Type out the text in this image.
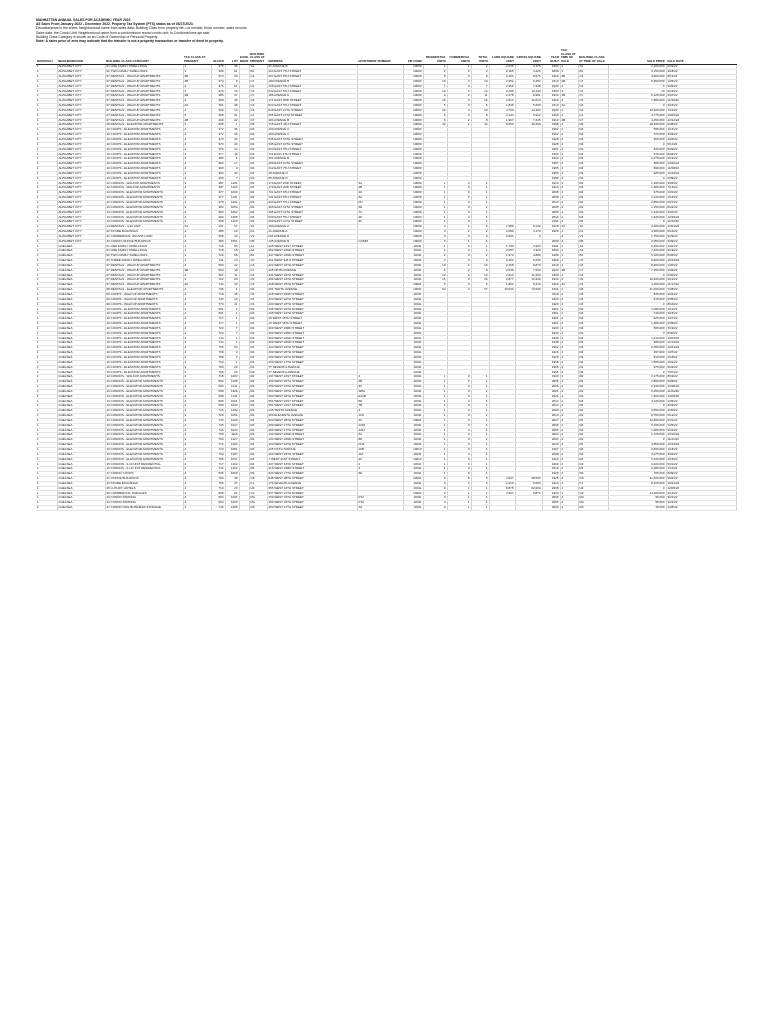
MANHATTAN ANNUAL SALES FOR ACADEMIC YEAR 2022
All Sales From January 2022 - December 2022. Property Tax System (PTS) status as of 03/27/2023.
Decades/years in the sheet; Neighborhood name from sales data; Building Class from property file; Lot number, block number, sales records.
Sales data: the Condo Unit; Neighborhood name from a condominium record condo unit; In-Condominiums apt sale.
Building Class Category is shown as an Code of Ownership of Personal Property.
Note: A sales price of zero may indicate that the transfer is not a property transaction or transfer of deed to property.
BOROUGH	NEIGHBORHOOD	BUILDING CLASS CATEGORY	TAX CLASS AT PRESENT	BLOCK	LOT	EASE-MENT	BUILDING CLASS AT PRESENT	ADDRESS	APARTMENT NUMBER	ZIP CODE	RESIDENTIAL UNITS	COMMERCIAL UNITS	TOTAL UNITS	LAND SQUARE FEET	GROSS SQUARE FEET	YEAR BUILT	TAX CLASS AT TIME OF SALE	BUILDING CLASS AT TIME OF SALE	SALE PRICE	SALE DATE
1	ALPHABET CITY	01 ONE FAMILY DWELLINGS	1	376	36		S1	91 AVENUE B		10009	1	1	2	2,036	3,475	1900	1	S1	2,400,000	6/22/22
1	ALPHABET CITY	02 TWO FAMILY DWELLINGS	1	390	61		B1	223 EAST 7TH STREET		10009	2	0	2	2,165	4,420	1899	1	B1	3,150,000	3/18/22
1	ALPHABET CITY	07 RENTALS - WALKUP APARTMENTS	2B	373	20		C4	627 EAST 9TH STREET		10009	8	0	8	2,194	8,675	1920	2B	C4	4,600,000	8/11/22
1	ALPHABET CITY	07 RENTALS - WALKUP APARTMENTS	2B	374	9		C7	183 AVENUE B		10009	10	3	13	2,352	9,452	1910	2B	C7	6,950,000	1/25/22
1	ALPHABET CITY	07 RENTALS - WALKUP APARTMENTS	2	376	61		C2	726 EAST 9TH STREET		10009	7	0	7	2,369	7,338	1900	2	C2	0	5/02/22
1	ALPHABET CITY	07 RENTALS - WALKUP APARTMENTS	2	379	16		C4	642 EAST 5TH STREET		10009	12	0	12	2,495	10,440	1900	2	C4	10	9/14/22
1	ALPHABET CITY	07 RENTALS - WALKUP APARTMENTS	2B	385	37		C7	186 AVENUE A		10009	9	2	11	2,278	8,981	1910	2B	C7	5,125,000	4/07/22
1	ALPHABET CITY	07 RENTALS - WALKUP APARTMENTS	2	389	46		C6	171 EAST 3RD STREET		10009	16	0	16	2,513	12,010	1920	2	C6	7,980,000	11/30/22
1	ALPHABET CITY	07 RENTALS - WALKUP APARTMENTS	2A	391	28		C3	522 EAST 6TH STREET		10009	5	0	5	1,845	5,600	1910	2A	C3	0	2/16/22
1	ALPHABET CITY	07 RENTALS - WALKUP APARTMENTS	2	392	14		C4	519 EAST 12TH STREET		10009	20	0	20	2,730	14,400	1900	2	C4	12,500,000	7/21/22
1	ALPHABET CITY	07 RENTALS - WALKUP APARTMENTS	2	398	31		C1	605 EAST 11TH STREET		10009	8	0	8	2,144	6,912	1930	2	C1	3,775,000	10/05/22
1	ALPHABET CITY	07 RENTALS - WALKUP APARTMENTS	2B	400	22		C7	204 AVENUE B		10009	6	2	8	1,907	7,245	1910	2B	C7	4,250,000	12/12/22
1	ALPHABET CITY	08 RENTALS - ELEVATOR APARTMENTS	2	405	1		D6	715 EAST 4TH STREET		10009	42	2	44	8,650	46,200	1988	2	D6	18,400,000	6/08/22
1	ALPHABET CITY	10 COOPS - ELEVATOR APARTMENTS	2	372	36		D4	100 AVENUE C		10009						1962	2	D4	595,000	1/14/22
1	ALPHABET CITY	10 COOPS - ELEVATOR APARTMENTS	2	372	36		D4	100 AVENUE C		10009						1962	2	D4	720,000	3/03/22
1	ALPHABET CITY	10 COOPS - ELEVATOR APARTMENTS	2	373	44		D4	535 EAST 10TH STREET		10009						1928	2	D4	450,000	4/22/22
1	ALPHABET CITY	10 COOPS - ELEVATOR APARTMENTS	2	373	44		D4	535 EAST 10TH STREET		10009						1928	2	D4	0	5/11/22
1	ALPHABET CITY	10 COOPS - ELEVATOR APARTMENTS	2	376	12		D4	623 EAST 9TH STREET		10009						1961	2	D4	830,000	6/29/22
1	ALPHABET CITY	10 COOPS - ELEVATOR APARTMENTS	2	377	40		D4	711 EAST 4TH STREET		10009						1960	2	D4	615,000	8/02/22
1	ALPHABET CITY	10 COOPS - ELEVATOR APARTMENTS	2	380	1		D4	151 AVENUE B		10009						1923	2	D4	1,075,000	9/19/22
1	ALPHABET CITY	10 COOPS - ELEVATOR APARTMENTS	2	384	17		D4	400 EAST 10TH STREET		10009						1957	2	D4	389,000	10/26/22
1	ALPHABET CITY	10 COOPS - ELEVATOR APARTMENTS	2	390	9		D4	212 EAST 7TH STREET		10009						1965	2	D4	699,000	11/08/22
1	ALPHABET CITY	10 COOPS - ELEVATOR APARTMENTS	2	394	33		D4	28 AVENUE D		10009						1959	2	D4	525,000	12/16/22
1	ALPHABET CITY	10 COOPS - ELEVATOR APARTMENTS	2	396	7		D4	80 AVENUE D		10009						1959	2	D4	0	2/09/22
1	ALPHABET CITY	12 CONDOS - WALKUP APARTMENTS	2	387	1101		R2	170 EAST 2ND STREET	3A	10009	1	0	1			1910	2	R2	1,295,000	3/25/22
1	ALPHABET CITY	12 CONDOS - WALKUP APARTMENTS	2	387	1104		R2	170 EAST 2ND STREET	4B	10009	1	0	1			1910	2	R2	1,480,000	7/13/22
1	ALPHABET CITY	13 CONDOS - ELEVATOR APARTMENTS	2	377	1003		R4	721 EAST 6TH STREET	2C	10009	1	0	1			2008	2	R4	975,000	1/31/22
1	ALPHABET CITY	13 CONDOS - ELEVATOR APARTMENTS	2	377	1011		R4	721 EAST 6TH STREET	5A	10009	1	0	1			2008	2	R4	1,410,000	4/14/22
1	ALPHABET CITY	13 CONDOS - ELEVATOR APARTMENTS	2	379	1201		R4	643 EAST 5TH STREET	PH	10009	1	0	1			2014	2	R4	2,850,000	5/27/22
1	ALPHABET CITY	13 CONDOS - ELEVATOR APARTMENTS	2	383	1054		R4	395 EAST 12TH STREET	6E	10009	1	0	1			2005	2	R4	1,150,000	8/24/22
1	ALPHABET CITY	13 CONDOS - ELEVATOR APARTMENTS	2	383	1062		R4	395 EAST 12TH STREET	7C	10009	1	0	1			2005	2	R4	1,340,000	9/07/22
1	ALPHABET CITY	13 CONDOS - ELEVATOR APARTMENTS	2	392	1305		R4	530 EAST 5TH STREET	4D	10009	1	0	1			2016	2	R4	1,625,000	10/19/22
1	ALPHABET CITY	13 CONDOS - ELEVATOR APARTMENTS	2	398	1120		R4	600 EAST 11TH STREET	3F	10009	1	0	1			2011	2	R4	0	11/22/22
1	ALPHABET CITY	14 RENTALS - 4-10 UNIT	2A	401	57		S4	190 AVENUE C		10009	4	1	5	1,980	5,240	1915	2A	S4	3,200,000	12/01/22
1	ALPHABET CITY	22 STORE BUILDINGS	4	385	20		K4	41 AVENUE A		10009	0	2	2	2,089	4,170	1920	4	K4	4,900,000	6/16/22
1	ALPHABET CITY	31 COMMERCIAL VACANT LAND	4	395	42		V1	N/A AVENUE D		10009	0	0	0	2,504	0		4	V1	1,750,000	9/29/22
1	ALPHABET CITY	43 CONDO OFFICE BUILDINGS	4	380	1501		R5	145 AVENUE B	COMM	10009	0	1	1			2009	4	R5	2,050,000	3/09/22
1	CHELSEA	01 ONE FAMILY DWELLINGS	1	716	50		A4	425 WEST 21ST STREET		10011	1	0	1	1,780	3,900	1901	1	A4	6,250,000	2/02/22
1	CHELSEA	01 ONE FAMILY DWELLINGS	1	718	18		A4	452 WEST 22ND STREET		10011	1	0	1	2,057	4,320	1899	1	A4	7,400,000	5/19/22
1	CHELSEA	02 TWO FAMILY DWELLINGS	1	720	58		B1	347 WEST 22ND STREET		10011	2	0	2	1,974	4,880	1900	1	B1	5,100,000	8/05/22
1	CHELSEA	03 THREE FAMILY DWELLINGS	1	741	13		C0	411 WEST 24TH STREET		10011	3	0	3	2,262	5,630	1900	1	C0	6,600,000	10/14/22
1	CHELSEA	07 RENTALS - WALKUP APARTMENTS	2	690	22		C4	223 WEST 16TH STREET		10011	10	0	10	2,468	9,870	1910	2	C4	8,900,000	1/20/22
1	CHELSEA	07 RENTALS - WALKUP APARTMENTS	2B	693	40		C7	125 NINTH AVENUE		10011	6	2	8	2,036	7,510	1920	2B	C7	7,250,000	4/06/22
1	CHELSEA	07 RENTALS - WALKUP APARTMENTS	2	697	11		C4	341 WEST 19TH STREET		10011	12	0	12	2,513	11,200	1900	2	C4	0	6/30/22
1	CHELSEA	07 RENTALS - WALKUP APARTMENTS	2	722	29		C6	460 WEST 24TH STREET		10011	16	0	16	2,877	13,940	1910	2	C6	10,400,000	9/12/22
1	CHELSEA	07 RENTALS - WALKUP APARTMENTS	2A	744	33		C3	418 WEST 25TH STREET		10001	5	0	5	1,862	5,210	1920	2A	C3	4,150,000	11/17/22
1	CHELSEA	08 RENTALS - ELEVATOR APARTMENTS	2	746	1		D6	201 TENTH AVENUE		10001	64	3	67	10,040	72,500	1931	2	D6	41,000,000	7/28/22
1	CHELSEA	09 COOPS - WALKUP APARTMENTS	2	718	45		C6	418 WEST 22ND STREET		10011						1910	2	C6	845,000	2/24/22
1	CHELSEA	09 COOPS - WALKUP APARTMENTS	2	742	10		C6	324 WEST 24TH STREET		10011						1900	2	C6	615,000	5/05/22
1	CHELSEA	09 COOPS - WALKUP APARTMENTS	2	770	41		C6	224 WEST 15TH STREET		10011						1920	2	C6	0	8/16/22
1	CHELSEA	10 COOPS - ELEVATOR APARTMENTS	2	691	1		D4	435 WEST 19TH STREET		10011						1961	2	D4	1,095,000	1/11/22
1	CHELSEA	10 COOPS - ELEVATOR APARTMENTS	2	691	1		D4	435 WEST 19TH STREET		10011						1961	2	D4	749,000	3/15/22
1	CHELSEA	10 COOPS - ELEVATOR APARTMENTS	2	717	1		D4	10 WEST 15TH STREET		10011						1961	2	D4	925,000	4/27/22
1	CHELSEA	10 COOPS - ELEVATOR APARTMENTS	2	717	1		D4	10 WEST 15TH STREET		10011						1961	2	D4	1,380,000	6/09/22
1	CHELSEA	10 COOPS - ELEVATOR APARTMENTS	2	723	7		D4	300 WEST 23RD STREET		10011						1930	2	D4	565,000	7/19/22
1	CHELSEA	10 COOPS - ELEVATOR APARTMENTS	2	723	7		D4	300 WEST 23RD STREET		10011						1930	2	D4	0	8/30/22
1	CHELSEA	10 COOPS - ELEVATOR APARTMENTS	2	744	1		D4	360 WEST 22ND STREET		10011						1938	2	D4	1,210,000	10/03/22
1	CHELSEA	10 COOPS - ELEVATOR APARTMENTS	2	744	1		D4	360 WEST 22ND STREET		10011						1938	2	D4	689,000	11/14/22
1	CHELSEA	10 COOPS - ELEVATOR APARTMENTS	2	766	54		D4	444 WEST 19TH STREET		10011						1962	2	D4	2,050,000	12/21/22
1	CHELSEA	10 COOPS - ELEVATOR APARTMENTS	2	768	3		D4	200 WEST 20TH STREET		10011						1926	2	D4	497,000	1/27/22
1	CHELSEA	10 COOPS - ELEVATOR APARTMENTS	2	768	3		D4	200 WEST 20TH STREET		10011						1926	2	D4	810,000	2/18/22
1	CHELSEA	10 COOPS - ELEVATOR APARTMENTS	2	792	1		D4	233 WEST 17TH STREET		10011						1968	2	D4	1,565,000	4/01/22
1	CHELSEA	10 COOPS - ELEVATOR APARTMENTS	2	796	20		D4	77 SEVENTH AVENUE		10011						1965	2	D4	975,000	5/23/22
1	CHELSEA	10 COOPS - ELEVATOR APARTMENTS	2	796	20		D4	77 SEVENTH AVENUE		10011						1965	2	D4	0	7/07/22
1	CHELSEA	12 CONDOS - WALKUP APARTMENTS	2	718	1203		R2	447 WEST 21ST STREET	2	10011	1	0	1			1900	2	R2	2,175,000	8/19/22
1	CHELSEA	13 CONDOS - ELEVATOR APARTMENTS	2	694	1108		R4	150 WEST 15TH STREET	4B	10011	1	0	1			2006	2	R4	1,895,000	9/26/22
1	CHELSEA	13 CONDOS - ELEVATOR APARTMENTS	2	694	1141		R4	150 WEST 15TH STREET	9C	10011	1	0	1			2006	2	R4	2,340,000	10/28/22
1	CHELSEA	13 CONDOS - ELEVATOR APARTMENTS	2	698	1306		R4	500 WEST 18TH STREET	W8A	10011	1	0	1			2021	2	R4	5,450,000	11/04/22
1	CHELSEA	13 CONDOS - ELEVATOR APARTMENTS	2	698	1311		R4	500 WEST 18TH STREET	E12B	10011	1	0	1			2021	2	R4	7,900,000	12/08/22
1	CHELSEA	13 CONDOS - ELEVATOR APARTMENTS	2	699	1021		R4	551 WEST 21ST STREET	5D	10011	1	0	1			2014	2	R4	4,125,000	1/06/22
1	CHELSEA	13 CONDOS - ELEVATOR APARTMENTS	2	699	1033		R4	551 WEST 21ST STREET	7B	10011	1	0	1			2014	2	R4	0	2/23/22
1	CHELSEA	13 CONDOS - ELEVATOR APARTMENTS	2	716	1402		R4	245 TENTH AVENUE	3	10011	1	0	1			2009	2	R4	3,650,000	3/30/22
1	CHELSEA	13 CONDOS - ELEVATOR APARTMENTS	2	720	1051		R4	200 ELEVENTH AVENUE	12S	10011	1	0	1			2010	2	R4	9,750,000	5/12/22
1	CHELSEA	13 CONDOS - ELEVATOR APARTMENTS	2	743	1209		R4	520 WEST 28TH STREET	22	10001	1	0	1			2017	2	R4	12,800,000	6/21/22
1	CHELSEA	13 CONDOS - ELEVATOR APARTMENTS	2	745	1027		R4	450 WEST 17TH STREET	1204	10011	1	0	1			2006	2	R4	2,195,000	7/25/22
1	CHELSEA	13 CONDOS - ELEVATOR APARTMENTS	2	745	1044		R4	450 WEST 17TH STREET	2411	10011	1	0	1			2006	2	R4	1,080,000	9/01/22
1	CHELSEA	13 CONDOS - ELEVATOR APARTMENTS	2	769	1115		R4	133 WEST 22ND STREET	6A	10011	1	0	1			2004	2	R4	1,725,000	10/10/22
1	CHELSEA	13 CONDOS - ELEVATOR APARTMENTS	2	769	1127		R4	133 WEST 22ND STREET	8D	10011	1	0	1			2004	2	R4	0	11/21/22
1	CHELSEA	13 CONDOS - ELEVATOR APARTMENTS	2	772	1304		R4	160 WEST 24TH STREET	PH2	10011	1	0	1			2015	2	R4	4,850,000	12/14/22
1	CHELSEA	13 CONDOS - ELEVATOR APARTMENTS	2	773	1081		R4	225 FIFTH AVENUE	10B	10010	1	0	1			1907	2	R4	2,600,000	1/18/22
1	CHELSEA	13 CONDOS - ELEVATOR APARTMENTS	2	793	1157		R4	100 WEST 18TH STREET	11F	10011	1	0	1			2008	2	R4	3,275,000	3/02/22
1	CHELSEA	13 CONDOS - ELEVATOR APARTMENTS	2	795	1031		R4	7 WEST 21ST STREET	4C	10010	1	0	1			1910	2	R4	1,940,000	4/19/22
1	CHELSEA	15 CONDOS - 2-10 UNIT RESIDENTIAL	2	717	1102		R4	437 WEST 16TH STREET	2	10011	1	0	1			1900	2	R4	3,400,000	5/31/22
1	CHELSEA	15 CONDOS - 2-10 UNIT RESIDENTIAL	2	742	1401		R4	316 WEST 23RD STREET	3	10011	1	0	1			1910	2	R4	2,280,000	7/11/22
1	CHELSEA	17 CONDO COOPS	2	696	1009		R9	330 WEST 17TH STREET	5E	10011	1	0	1			1920	2	R9	705,000	8/09/22
1	CHELSEA	21 OFFICE BUILDINGS	4	700	48		O6	548 WEST 28TH STREET		10001	0	6	6	4,937	28,500	1925	4	O6	31,500,000	9/22/22
1	CHELSEA	22 STORE BUILDINGS	4	766	37		K1	176 SEVENTH AVENUE		10011	0	3	3	2,210	6,600	1910	4	K1	8,400,000	10/31/22
1	CHELSEA	25 LUXURY HOTELS	4	714	23		H3	355 WEST 16TH STREET		10011	0	1	1	9,875	62,000	2008	4	H3	0	12/05/22
1	CHELSEA	29 COMMERCIAL GARAGES	4	698	21		G2	537 WEST 27TH STREET		10001	0	1	1	4,937	9,874	1930	4	G2	14,200,000	2/14/22
1	CHELSEA	44 CONDO PARKING	4	694	1201		RG	150 WEST 15TH STREET	P12	10011	0	1	1			2006	4	RG	95,000	3/21/22
1	CHELSEA	44 CONDO PARKING	4	694	1202		RG	150 WEST 15TH STREET	P13	10011	0	1	1			2006	4	RG	95,000	3/21/22
1	CHELSEA	47 CONDO NON-BUSINESS STORAGE	4	745	1305		RS	450 WEST 17TH STREET	S4	10011	0	1	1			2006	4	RS	15,000	4/28/22
